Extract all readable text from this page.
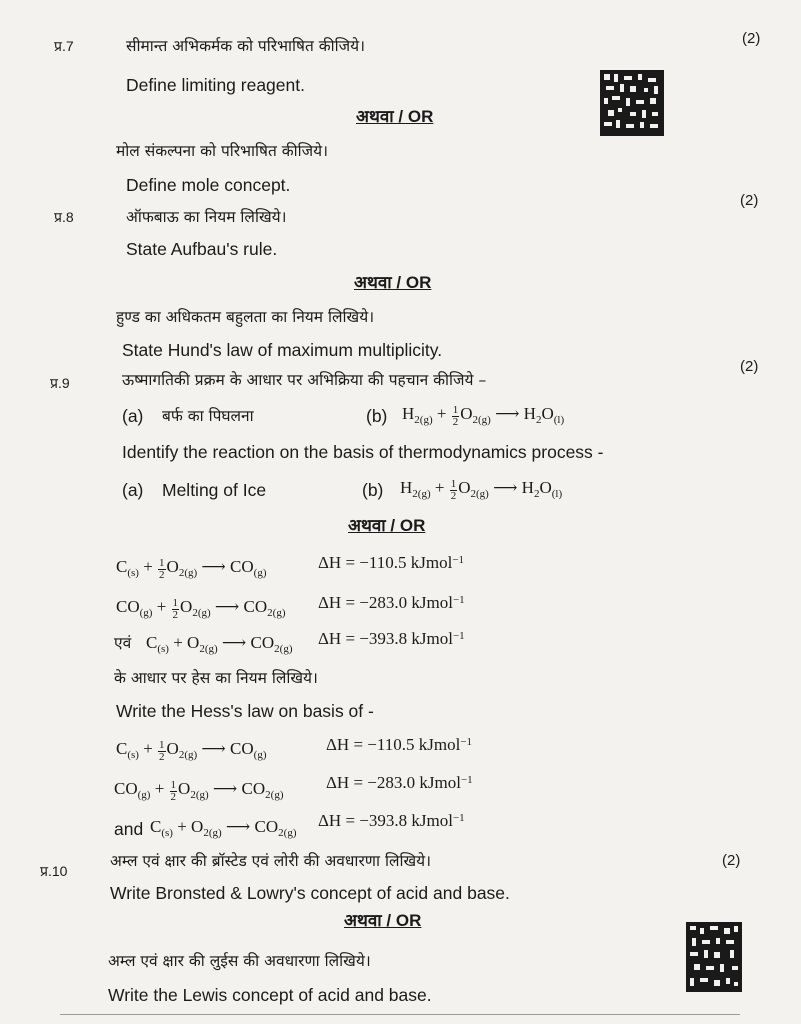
प्र.7	सीमान्त अभिकर्मक को परिभाषित कीजिये।	(2)
Define limiting reagent.
अथवा / OR
मोल संकल्पना को परिभाषित कीजिये।
Define mole concept.
(2)
प्र.8	ऑफबाऊ का नियम लिखिये।
State Aufbau's rule.
अथवा / OR
हुण्ड का अधिकतम बहुलता का नियम लिखिये।
State Hund's law of maximum multiplicity.
(2)
प्र.9	ऊष्मागतिकी प्रक्रम के आधार पर अभिक्रिया की पहचान कीजिये –
(a) बर्फ का पिघलना	(b) $H_{2(g)} + \frac{1}{2} O_{2(g)}$ ⟶ $H_2O_{(l)}$
Identify the reaction on the basis of thermodynamics process -
(a) Melting of Ice	(b) $H_{2(g)} + \frac{1}{2} O_{2(g)}$ ⟶ $H_2O_{(l)}$
अथवा / OR
$C_{(s)} + \frac{1}{2} O_{2(g)}$ ⟶ $CO_{(g)}$
ΔH = −110.5 kJmol$^{-1}$
$CO_{(g)} + \frac{1}{2} O_{2(g)}$ ⟶ $CO_{2(g)}$
ΔH = −283.0 kJmol$^{-1}$
एवं $C_{(s)} + O_{2(g)}$ ⟶ $CO_{2(g)}$
ΔH = −393.8 kJmol$^{-1}$
के आधार पर हेस का नियम लिखिये।
Write the Hess's law on basis of -
$C_{(s)} + \frac{1}{2} O_{2(g)}$ ⟶ $CO_{(g)}$
ΔH = −110.5 kJmol$^{-1}$
$CO_{(g)} + \frac{1}{2} O_{2(g)}$ ⟶ $CO_{2(g)}$
ΔH = −283.0 kJmol$^{-1}$
and $C_{(s)} + O_{2(g)}$ ⟶ $CO_{2(g)}$
ΔH = −393.8 kJmol$^{-1}$
प्र.10
अम्ल एवं क्षार की ब्रॉस्टेड एवं लोरी की अवधारणा लिखिये।	(2)
Write Bronsted & Lowry's concept of acid and base.
अथवा / OR
अम्ल एवं क्षार की लुईस की अवधारणा लिखिये।
Write the Lewis concept of acid and base.
